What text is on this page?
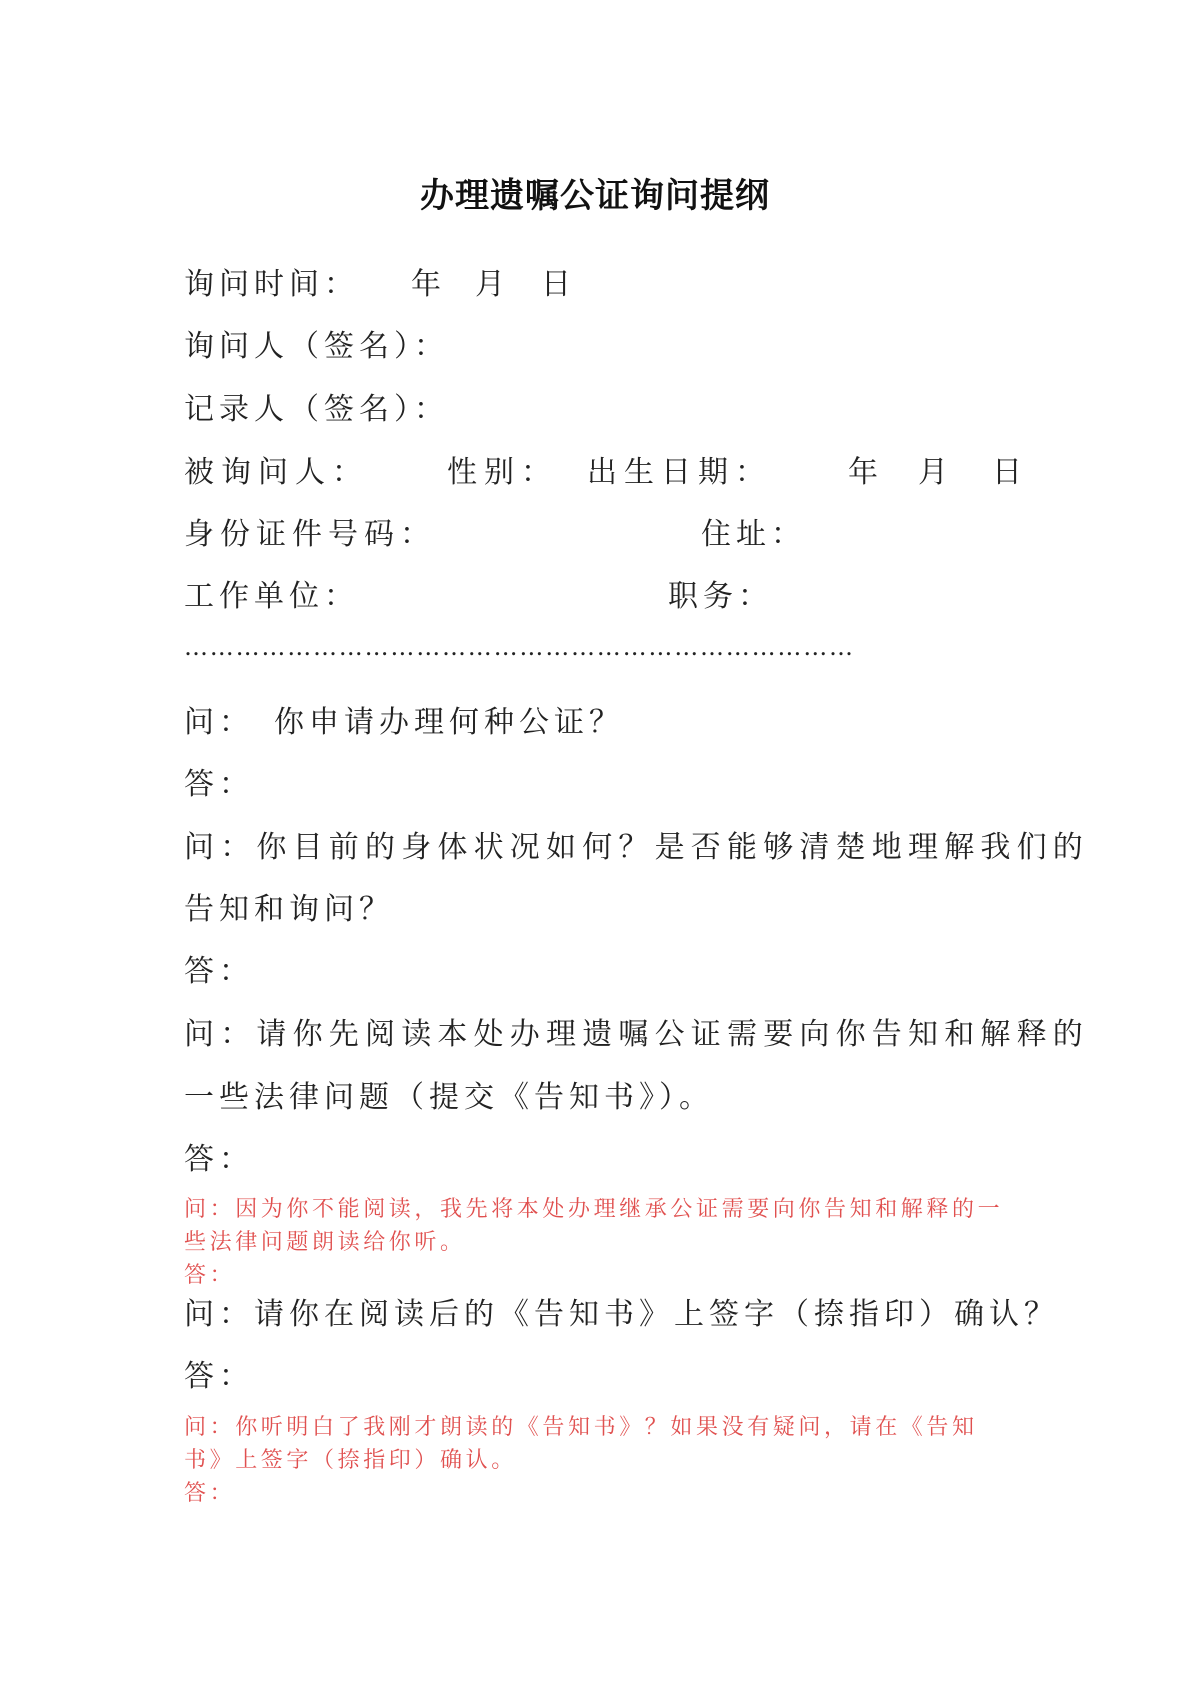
办理遗嘱公证询问提纲
询问时间： 年 月 日
询问人（签名）：
记录人（签名）：
被询问人：	性别： 出生日期：	年 月 日
身份证件号码：	住址：
工作单位：	职务：
……………………………………………………………………
问：　你申请办理何种公证？
答：
问：你目前的身体状况如何？是否能够清楚地理解我们的
告知和询问？
答：
问：请你先阅读本处办理遗嘱公证需要向你告知和解释的
一些法律问题（提交《告知书》）。
答：
问：因为你不能阅读，我先将本处办理继承公证需要向你告知和解释的一些法律问题朗读给你听。
答：
问：请你在阅读后的《告知书》上签字（捺指印）确认？
答：
问：你听明白了我刚才朗读的《告知书》？如果没有疑问，请在《告知书》上签字（捺指印）确认。
答：
